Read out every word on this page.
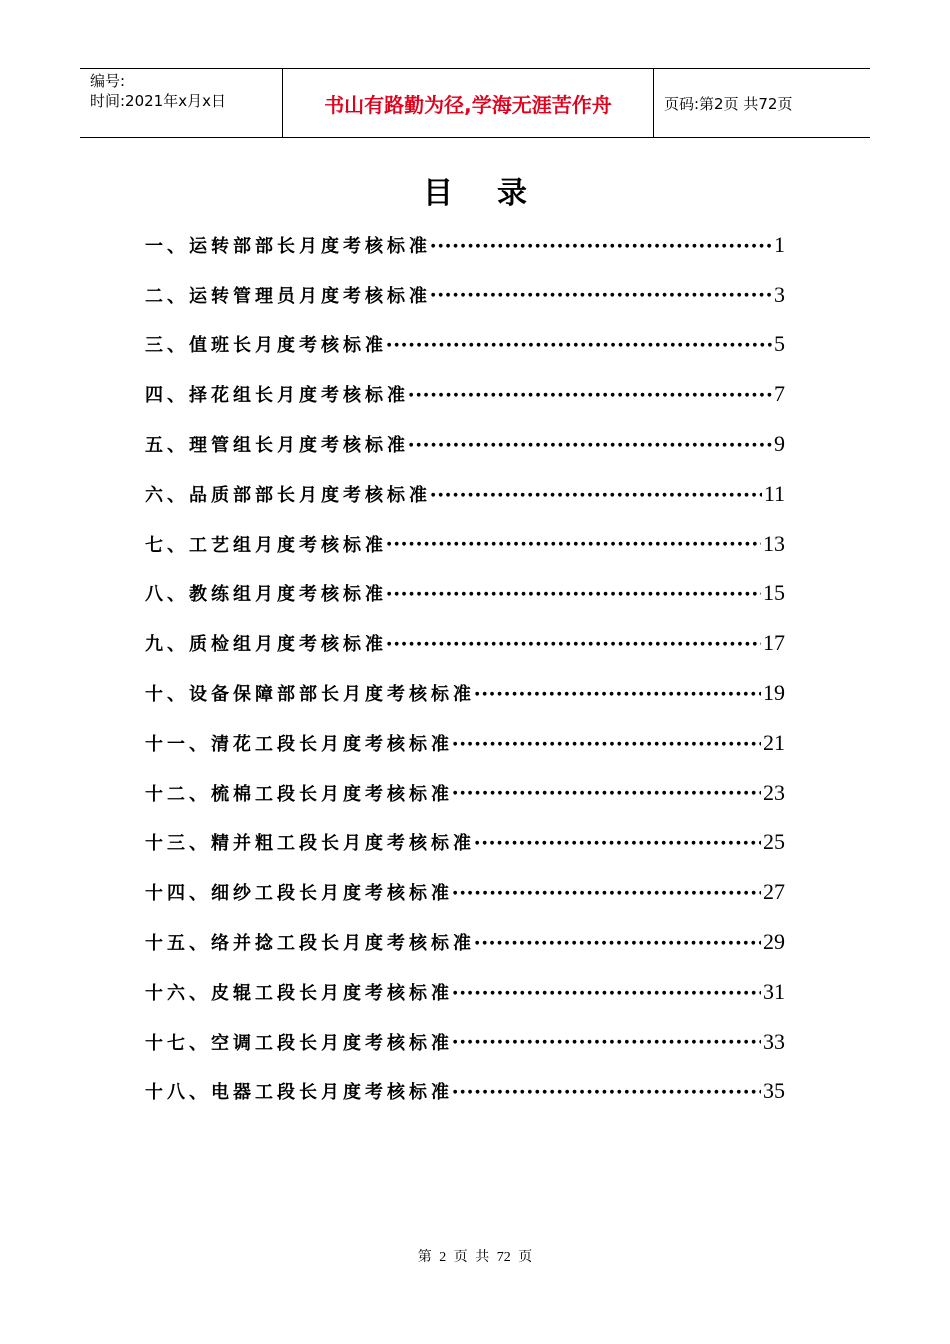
编号:
时间:2021年x月x日	书山有路勤为径,学海无涯苦作舟	页码:第2页 共72页
目录
一、运转部部长月度考核标准 ●●●●●●●●●●●●●●●●●●●●●●●●●●●●●●●●●●●●●●●●●●●●●●●●●●●●●●●●●●●●●●●●●●●●●●●●●●●●●●	1
二、运转管理员月度考核标准 ●●●●●●●●●●●●●●●●●●●●●●●●●●●●●●●●●●●●●●●●●●●●●●●●●●●●●●●●●●●●●●●●●●●●●●●●●●●●●●	3
三、值班长月度考核标准 ●●●●●●●●●●●●●●●●●●●●●●●●●●●●●●●●●●●●●●●●●●●●●●●●●●●●●●●●●●●●●●●●●●●●●●●●●●●●●●	5
四、择花组长月度考核标准 ●●●●●●●●●●●●●●●●●●●●●●●●●●●●●●●●●●●●●●●●●●●●●●●●●●●●●●●●●●●●●●●●●●●●●●●●●●●●●●	7
五、理管组长月度考核标准 ●●●●●●●●●●●●●●●●●●●●●●●●●●●●●●●●●●●●●●●●●●●●●●●●●●●●●●●●●●●●●●●●●●●●●●●●●●●●●●	9
六、品质部部长月度考核标准 ●●●●●●●●●●●●●●●●●●●●●●●●●●●●●●●●●●●●●●●●●●●●●●●●●●●●●●●●●●●●●●●●●●●●●●●●●●●●●●	11
七、工艺组月度考核标准 ●●●●●●●●●●●●●●●●●●●●●●●●●●●●●●●●●●●●●●●●●●●●●●●●●●●●●●●●●●●●●●●●●●●●●●●●●●●●●●	13
八、教练组月度考核标准 ●●●●●●●●●●●●●●●●●●●●●●●●●●●●●●●●●●●●●●●●●●●●●●●●●●●●●●●●●●●●●●●●●●●●●●●●●●●●●●	15
九、质检组月度考核标准 ●●●●●●●●●●●●●●●●●●●●●●●●●●●●●●●●●●●●●●●●●●●●●●●●●●●●●●●●●●●●●●●●●●●●●●●●●●●●●●	17
十、设备保障部部长月度考核标准 ●●●●●●●●●●●●●●●●●●●●●●●●●●●●●●●●●●●●●●●●●●●●●●●●●●●●●●●●●●●●●●●●●●●●●●●●●●●●●●	19
十一、清花工段长月度考核标准 ●●●●●●●●●●●●●●●●●●●●●●●●●●●●●●●●●●●●●●●●●●●●●●●●●●●●●●●●●●●●●●●●●●●●●●●●●●●●●●	21
十二、梳棉工段长月度考核标准 ●●●●●●●●●●●●●●●●●●●●●●●●●●●●●●●●●●●●●●●●●●●●●●●●●●●●●●●●●●●●●●●●●●●●●●●●●●●●●●	23
十三、精并粗工段长月度考核标准 ●●●●●●●●●●●●●●●●●●●●●●●●●●●●●●●●●●●●●●●●●●●●●●●●●●●●●●●●●●●●●●●●●●●●●●●●●●●●●●	25
十四、细纱工段长月度考核标准 ●●●●●●●●●●●●●●●●●●●●●●●●●●●●●●●●●●●●●●●●●●●●●●●●●●●●●●●●●●●●●●●●●●●●●●●●●●●●●●	27
十五、络并捻工段长月度考核标准 ●●●●●●●●●●●●●●●●●●●●●●●●●●●●●●●●●●●●●●●●●●●●●●●●●●●●●●●●●●●●●●●●●●●●●●●●●●●●●●	29
十六、皮辊工段长月度考核标准 ●●●●●●●●●●●●●●●●●●●●●●●●●●●●●●●●●●●●●●●●●●●●●●●●●●●●●●●●●●●●●●●●●●●●●●●●●●●●●●	31
十七、空调工段长月度考核标准 ●●●●●●●●●●●●●●●●●●●●●●●●●●●●●●●●●●●●●●●●●●●●●●●●●●●●●●●●●●●●●●●●●●●●●●●●●●●●●●	33
十八、电器工段长月度考核标准 ●●●●●●●●●●●●●●●●●●●●●●●●●●●●●●●●●●●●●●●●●●●●●●●●●●●●●●●●●●●●●●●●●●●●●●●●●●●●●●	35
第 2 页 共 72 页
